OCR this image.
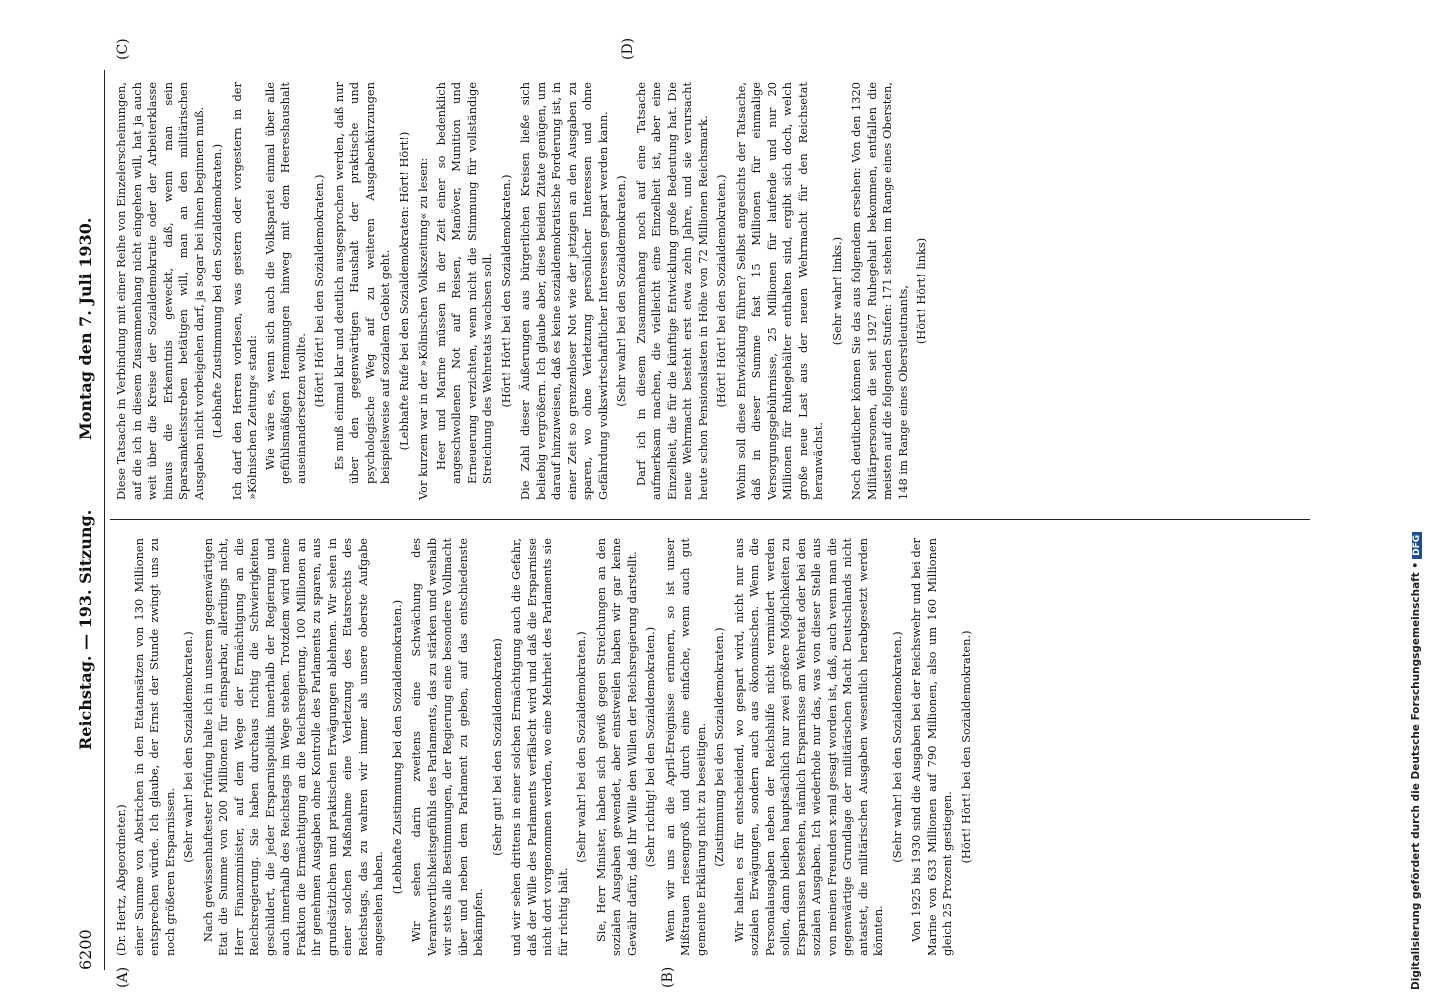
6200
Reichstag. — 193. Sitzung.
Montag den 7. Juli 1930.
(A)	(B)
(C)	(D)

(Dr. Hertz, Abgeordneter.) einer Summe von Abstrichen in den Etatansätzen von 130 Millionen entsprechen würde. Ich glaube, der Ernst der Stunde zwingt uns zu noch größeren Ersparnissen.

(Sehr wahr! bei den Sozialdemokraten.) Nach gewissenhaftester Prüfung halte ich in unserem gegenwärtigen Etat die Summe von 200 Millionen für einsparbar, allerdings nicht, Herr Finanzminister, auf dem Wege der Ermächtigung an die Reichsregierung. Sie haben durchaus richtig die Schwierigkeiten geschildert, die jeder Ersparnispolitik innerhalb der Regierung und auch innerhalb des Reichstags im Wege stehen. Trotzdem wird meine Fraktion die Ermächtigung an die Reichsregierung, 100 Millionen an ihr genehmen Ausgaben ohne Kontrolle des Parlaments zu sparen, aus grundsätzlichen und praktischen Erwägungen ablehnen. Wir sehen in einer solchen Maßnahme eine Verletzung des Etatsrechts des Reichstags, das zu wahren wir immer als unsere oberste Aufgabe angesehen haben.

(Lebhafte Zustimmung bei den Sozialdemokraten.) Wir sehen darin zweitens eine Schwächung des Verantwortlichkeitsgefühls des Parlaments, das zu stärken und weshalb wir stets alle Bestimmungen, der Regierung eine besondere Vollmacht über und neben dem Parlament zu geben, auf das entschiedenste bekämpfen.

(Sehr gut! bei den Sozialdemokraten) und wir sehen drittens in einer solchen Ermächtigung auch die Gefahr, daß der Wille des Parlaments verfälscht wird und daß die Ersparnisse nicht dort vorgenommen werden, wo eine Mehrheit des Parlaments sie für richtig hält.

(Sehr wahr! bei den Sozialdemokraten.) Sie, Herr Minister, haben sich gewiß gegen Streichungen an den sozialen Ausgaben gewendet, aber einstweilen haben wir gar keine Gewähr dafür, daß Ihr Wille den Willen der Reichsregierung darstellt. (Sehr richtig! bei den Sozialdemokraten.) Wenn wir uns an die April-Ereignisse erinnern, so ist unser Mißtrauen riesengroß und durch eine einfache, wenn auch gut gemeinte Erklärung nicht zu beseitigen. (Zustimmung bei den Sozialdemokraten.) Wir halten es für entscheidend, wo gespart wird, nicht nur aus sozialen Erwägungen, sondern auch aus ökonomischen. Wenn die Personalausgaben neben der Reichshilfe nicht vermindert werden sollen, dann bleiben hauptsächlich nur zwei größere Möglichkeiten zu Ersparnissen bestehen, nämlich Ersparnisse am Wehretat oder bei den sozialen Ausgaben. Ich wiederhole nur das, was von dieser Stelle aus von meinen Freunden x-mal gesagt worden ist, daß, auch wenn man die gegenwärtige Grundlage der militärischen Macht Deutschlands nicht antastet, die militärischen Ausgaben wesentlich herabgesetzt werden könnten.

(Sehr wahr! bei den Sozialdemokraten.) Von 1925 bis 1930 sind die Ausgaben bei der Reichswehr und bei der Marine von 633 Millionen auf 790 Millionen, also um 160 Millionen gleich 25 Prozent gestiegen.

(Hört! Hört! bei den Sozialdemokraten.)

Diese Tatsache in Verbindung mit einer Reihe von Einzelerscheinungen, auf die ich in diesem Zusammenhang nicht eingehen will, hat ja auch weit über die Kreise der Sozialdemokratie oder der Arbeiterklasse hinaus die Erkenntnis geweckt, daß, wenn man sein Sparsamkeitsstreben betätigen will, man an den militärischen Ausgaben nicht vorbeigehen darf, ja sogar bei ihnen beginnen muß. (Lebhafte Zustimmung bei den Sozialdemokraten.) Ich darf den Herren vorlesen, was gestern oder vorgestern in der »Kölnischen Zeitung« stand: Wie wäre es, wenn sich auch die Volkspartei einmal über alle gefühlsmäßigen Hemmungen hinweg mit dem Heereshaushalt auseinandersetzen wollte.

(Hört! Hört! bei den Sozialdemokraten.) Es muß einmal klar und deutlich ausgesprochen werden, daß nur über den gegenwärtigen Haushalt der praktische und psychologische Weg auf zu weiteren Ausgabenkürzungen beispielsweise auf sozialem Gebiet geht. (Lebhafte Rufe bei den Sozialdemokraten: Hört! Hört!) Vor kurzem war in der »Kölnischen Volkszeitung« zu lesen: Heer und Marine müssen in der Zeit einer so bedenklich angeschwollenen Not auf Reisen, Manöver, Munition und Erneuerung verzichten, wenn nicht die Stimmung für vollständige Streichung des Wehretats wachsen soll. (Hört! Hört! bei den Sozialdemokraten.) Die Zahl dieser Äußerungen aus bürgerlichen Kreisen ließe sich beliebig vergrößern. Ich glaube aber, diese beiden Zitate genügen, um darauf hinzuweisen, daß es keine sozialdemokratische Forderung ist, in einer Zeit so grenzenloser Not wie der jetzigen an den Ausgaben zu sparen, wo ohne Verletzung persönlicher Interessen und ohne Gefährdung volkswirtschaftlicher Interessen gespart werden kann. (Sehr wahr! bei den Sozialdemokraten.) Darf ich in diesem Zusammenhang noch auf eine Tatsache aufmerksam machen, die vielleicht eine Einzelheit ist, aber eine Einzelheit, die für die künftige Entwicklung große Bedeutung hat. Die neue Wehrmacht besteht erst etwa zehn Jahre, und sie verursacht heute schon Pensionslasten in Höhe von 72 Millionen Reichsmark. (Hört! Hört! bei den Sozialdemokraten.) Wohin soll diese Entwicklung führen? Selbst angesichts der Tatsache, daß in dieser Summe fast 15 Millionen für einmalige Versorgungsgebührnisse, 25 Millionen für laufende und nur 20 Millionen für Ruhegehälter enthalten sind, ergibt sich doch, welch große neue Last aus der neuen Wehrmacht für den Reichsetat heranwächst.

(Sehr wahr! links.) Noch deutlicher können Sie das aus folgendem ersehen: Von den 1320 Militärpersonen, die seit 1927 Ruhegehalt bekommen, entfallen die meisten auf die folgenden Stufen: 171 stehen im Range eines Obersten, 148 im Range eines Oberstleutnants, (Hört! Hört! links)

Digitalisierung gefördert durch die Deutsche Forschungsgemeinschaft •DFG
